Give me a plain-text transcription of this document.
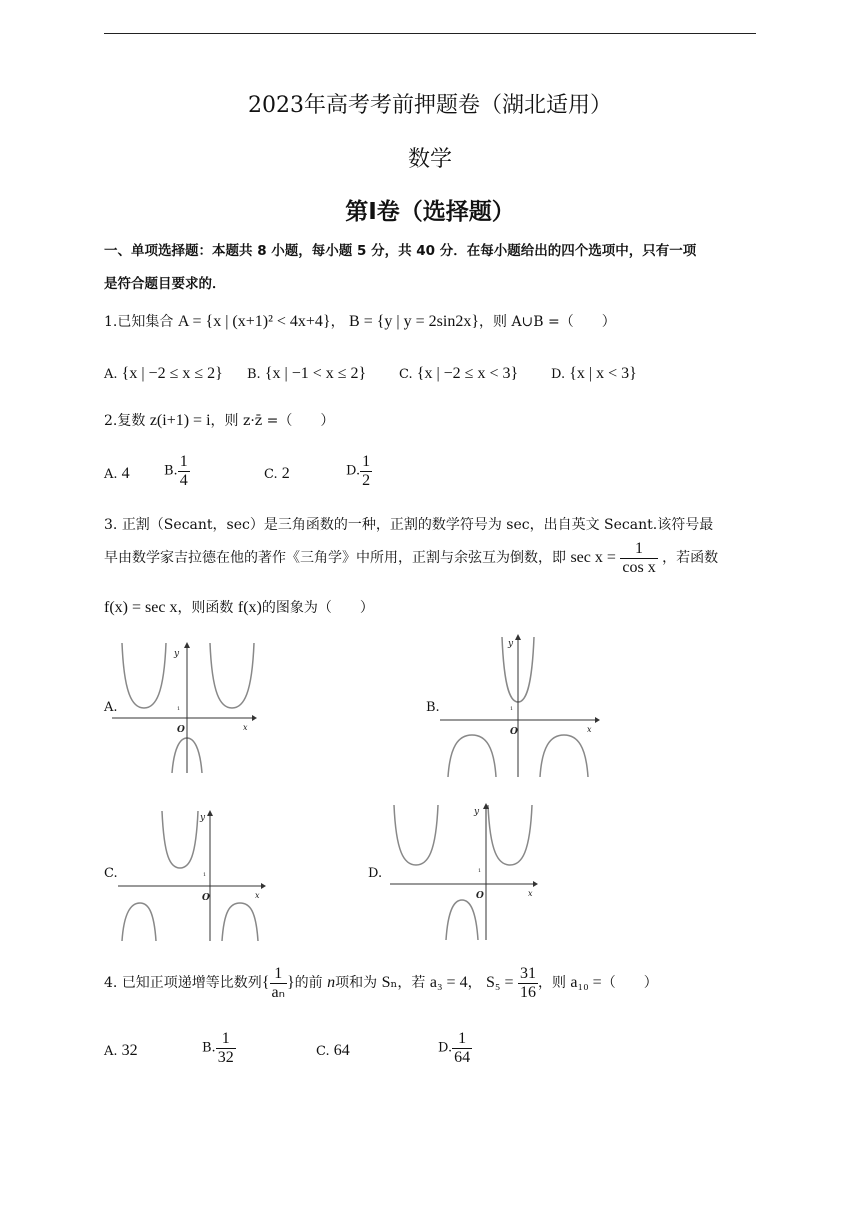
2023年高考考前押题卷（湖北适用）
数学
第Ⅰ卷（选择题）
一、单项选择题：本题共 8 小题，每小题 5 分，共 40 分．在每小题给出的四个选项中，只有一项
是符合题目要求的．
1.已知集合 A = {x | (x+1)² < 4x+4}， B = {y | y = 2sin2x}，则 A∪B =（　　）
A. {x | −2 ≤ x ≤ 2} B. {x | −1 < x ≤ 2}	C. {x | −2 ≤ x < 3}	D. {x | x < 3}
2.复数 z(i+1) = i，则 z·z̄ =（　　）
A. 4	B. $\frac{1}{4}$	C. 2	D. $\frac{1}{2}$
3. 正割（Secant，sec）是三角函数的一种，正割的数学符号为 sec，出自英文 Secant.该符号最
早由数学家吉拉德在他的著作《三角学》中所用，正割与余弦互为倒数，即 $\sec x = \frac{1}{\text{cos x}}$ ，若函数
f(x) = sec x，则函数 f(x)的图象为（　　）
A.
y
x
O
1	B.
y
x
O
1
C.
y
x
O
1	D.
y
x
O
1
4. 已知正项递增等比数列{ $\frac{1}{\text{aₙ}}$ }的前 n项和为 Sₙ，若 a₃ = 4， $S_5 = \frac{31}{16}$ ，则 a₁₀ =（　　）
A. 32	B. $\frac{1}{32}$	C. 64	D. $\frac{1}{64}$
